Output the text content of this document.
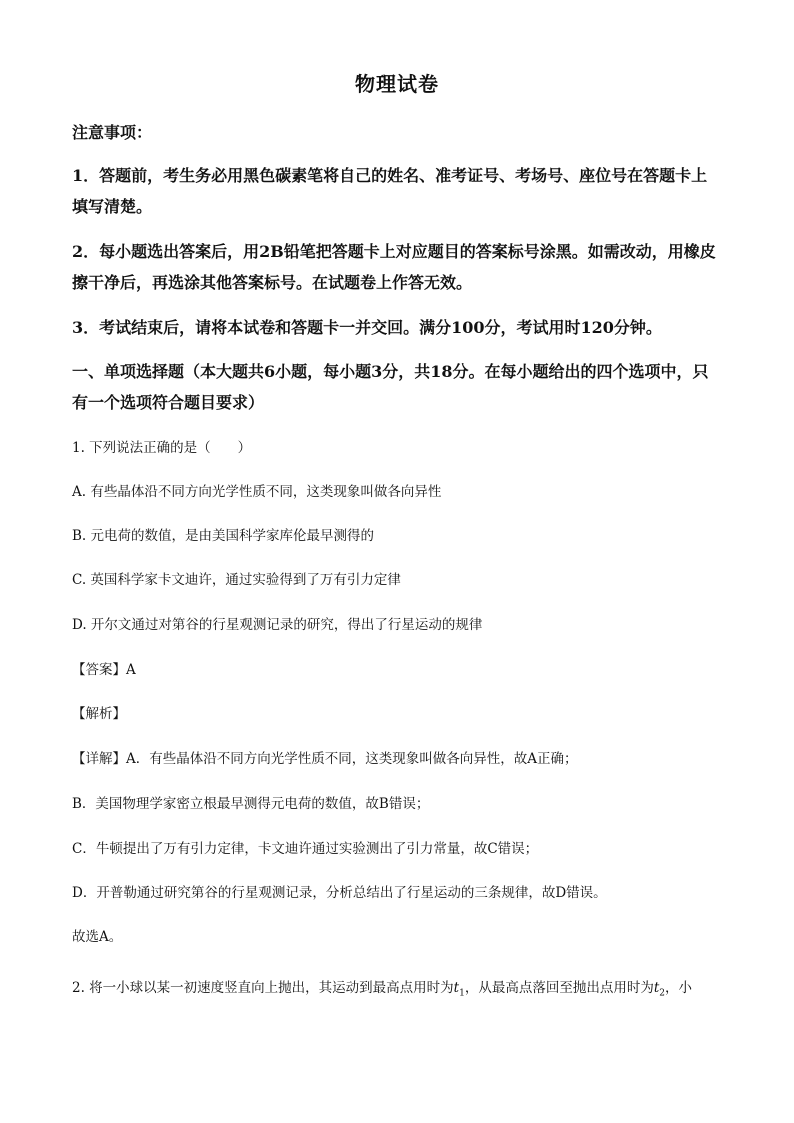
物理试卷
注意事项：
1．答题前，考生务必用黑色碳素笔将自己的姓名、准考证号、考场号、座位号在答题卡上填写清楚。
2．每小题选出答案后，用2B铅笔把答题卡上对应题目的答案标号涂黑。如需改动，用橡皮擦干净后，再选涂其他答案标号。在试题卷上作答无效。
3．考试结束后，请将本试卷和答题卡一并交回。满分100分，考试用时120分钟。
一、单项选择题（本大题共6小题，每小题3分，共18分。在每小题给出的四个选项中，只有一个选项符合题目要求）
1. 下列说法正确的是（　　）
A. 有些晶体沿不同方向光学性质不同，这类现象叫做各向异性
B. 元电荷的数值，是由美国科学家库伦最早测得的
C. 英国科学家卡文迪许，通过实验得到了万有引力定律
D. 开尔文通过对第谷的行星观测记录的研究，得出了行星运动的规律
【答案】A
【解析】
【详解】A．有些晶体沿不同方向光学性质不同，这类现象叫做各向异性，故A正确；
B．美国物理学家密立根最早测得元电荷的数值，故B错误；
C．牛顿提出了万有引力定律，卡文迪许通过实验测出了引力常量，故C错误；
D．开普勒通过研究第谷的行星观测记录，分析总结出了行星运动的三条规律，故D错误。
故选A。
2. 将一小球以某一初速度竖直向上抛出，其运动到最高点用时为$t_1$，从最高点落回至抛出点用时为$t_2$，小
